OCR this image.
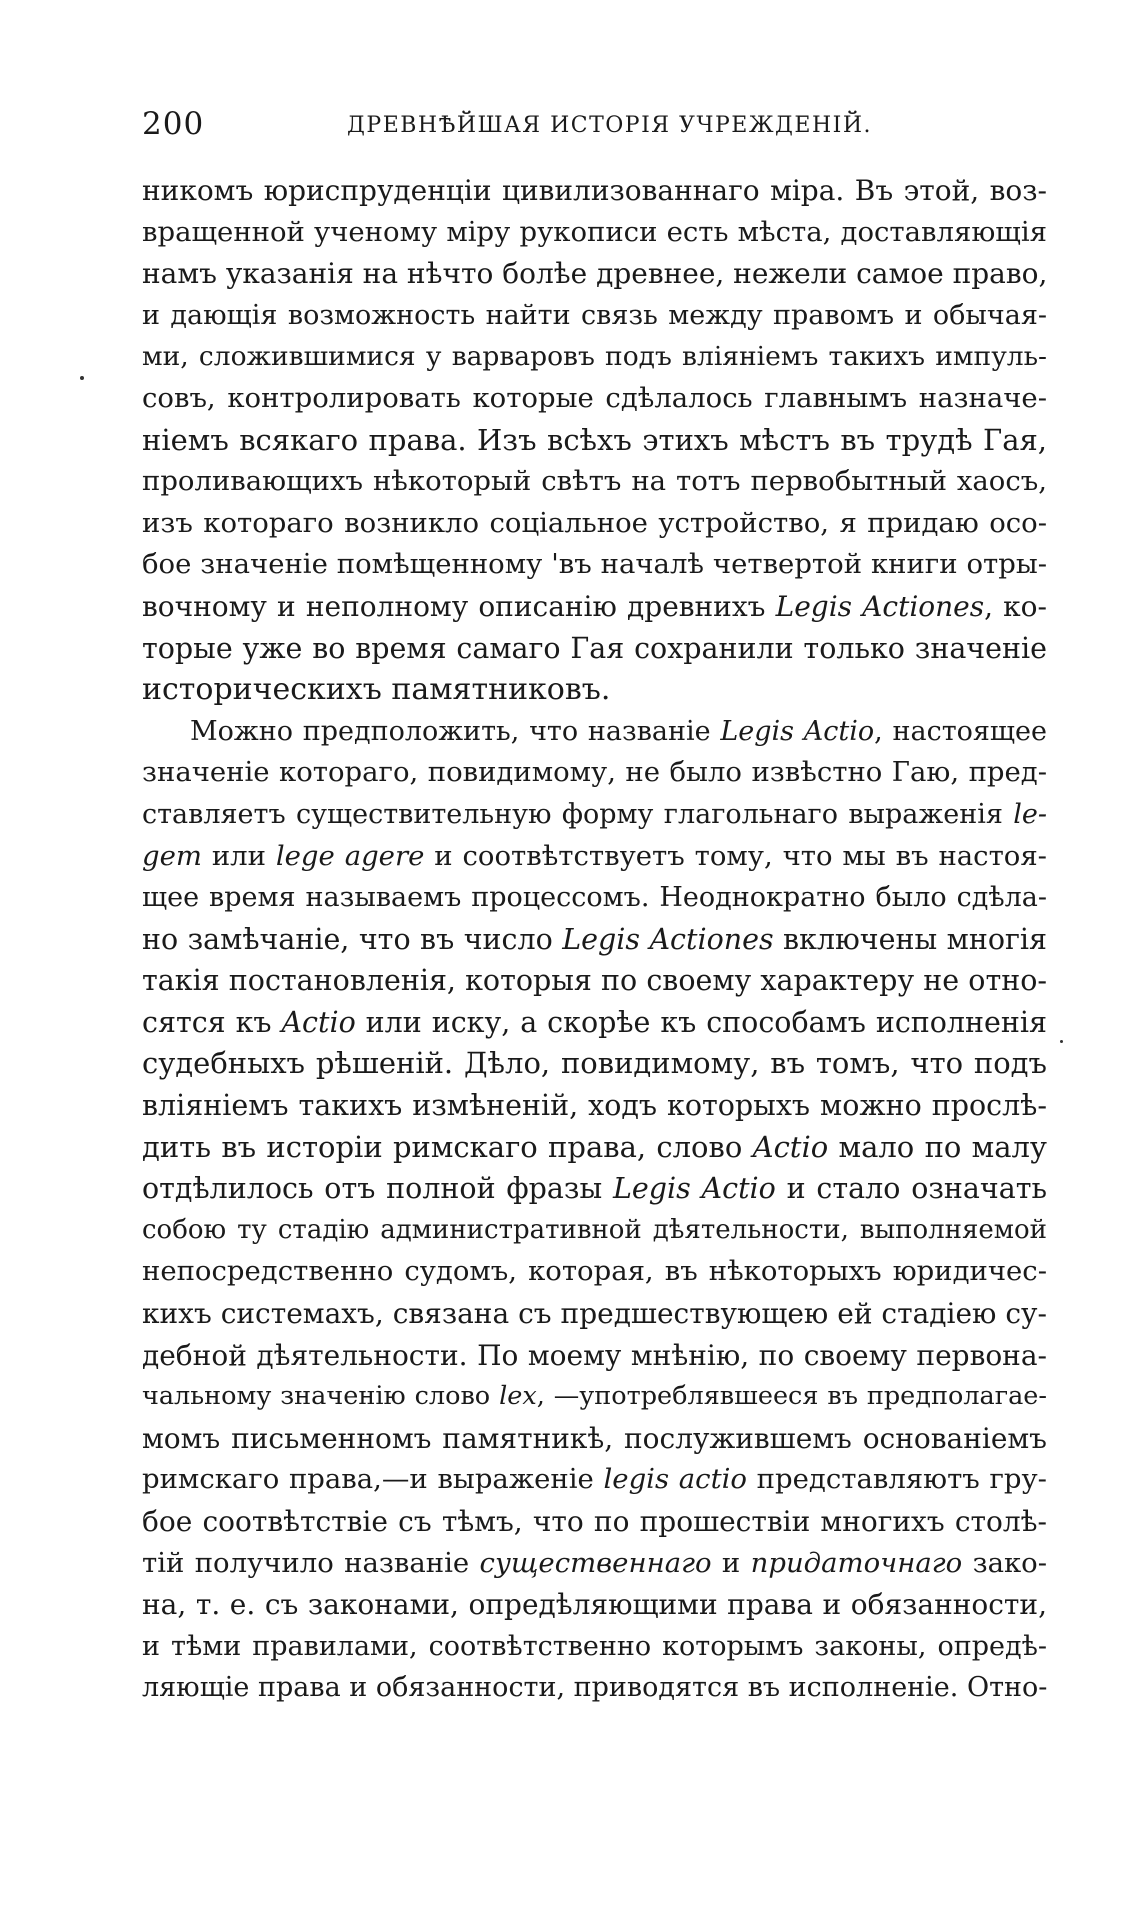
200	ДРЕВНѢЙШАЯ ИСТОРІЯ УЧРЕЖДЕНІЙ.
никомъ юриспруденціи цивилизованнаго міра. Въ этой, воз-
вращенной ученому міру рукописи есть мѣста, доставляющія
намъ указанія на нѣчто болѣе древнее, нежели самое право,
и дающія возможность найти связь между правомъ и обычая-
ми, сложившимися у варваровъ подъ вліяніемъ такихъ импуль-
совъ, контролировать которые сдѣлалось главнымъ назначе-
ніемъ всякаго права. Изъ всѣхъ этихъ мѣстъ въ трудѣ Гая,
проливающихъ нѣкоторый свѣтъ на тотъ первобытный хаосъ,
изъ котораго возникло соціальное устройство, я придаю осо-
бое значеніе помѣщенному 'въ началѣ четвертой книги отры-
вочному и неполному описанію древнихъ Legis Actiones, ко-
торые уже во время самаго Гая сохранили только значеніе
историческихъ памятниковъ.
Можно предположить, что названіе Legis Actio, настоящее
значеніе котораго, повидимому, не было извѣстно Гаю, пред-
ставляетъ существительную форму глагольнаго выраженія le-
gem или lege agere и соотвѣтствуетъ тому, что мы въ настоя-
щее время называемъ процессомъ. Неоднократно было сдѣла-
но замѣчаніе, что въ число Legis Actiones включены многія
такія постановленія, которыя по своему характеру не отно-
сятся къ Actio или иску, а скорѣе къ способамъ исполненія
судебныхъ рѣшеній. Дѣло, повидимому, въ томъ, что подъ
вліяніемъ такихъ измѣненій, ходъ которыхъ можно прослѣ-
дить въ исторіи римскаго права, слово Actio мало по малу
отдѣлилось отъ полной фразы Legis Actio и стало означать
собою ту стадію административной дѣятельности, выполняемой
непосредственно судомъ, которая, въ нѣкоторыхъ юридичес-
кихъ системахъ, связана съ предшествующею ей стадіею су-
дебной дѣятельности. По моему мнѣнію, по своему первона-
чальному значенію слово lex, —употреблявшееся въ предполагае-
момъ письменномъ памятникѣ, послужившемъ основаніемъ
римскаго права,—и выраженіе legis actio представляютъ гру-
бое соотвѣтствіе съ тѣмъ, что по прошествіи многихъ столѣ-
тій получило названіе существеннаго и придаточнаго зако-
на, т. е. съ законами, опредѣляющими права и обязанности,
и тѣми правилами, соотвѣтственно которымъ законы, опредѣ-
ляющіе права и обязанности, приводятся въ исполненіе. Отно-
